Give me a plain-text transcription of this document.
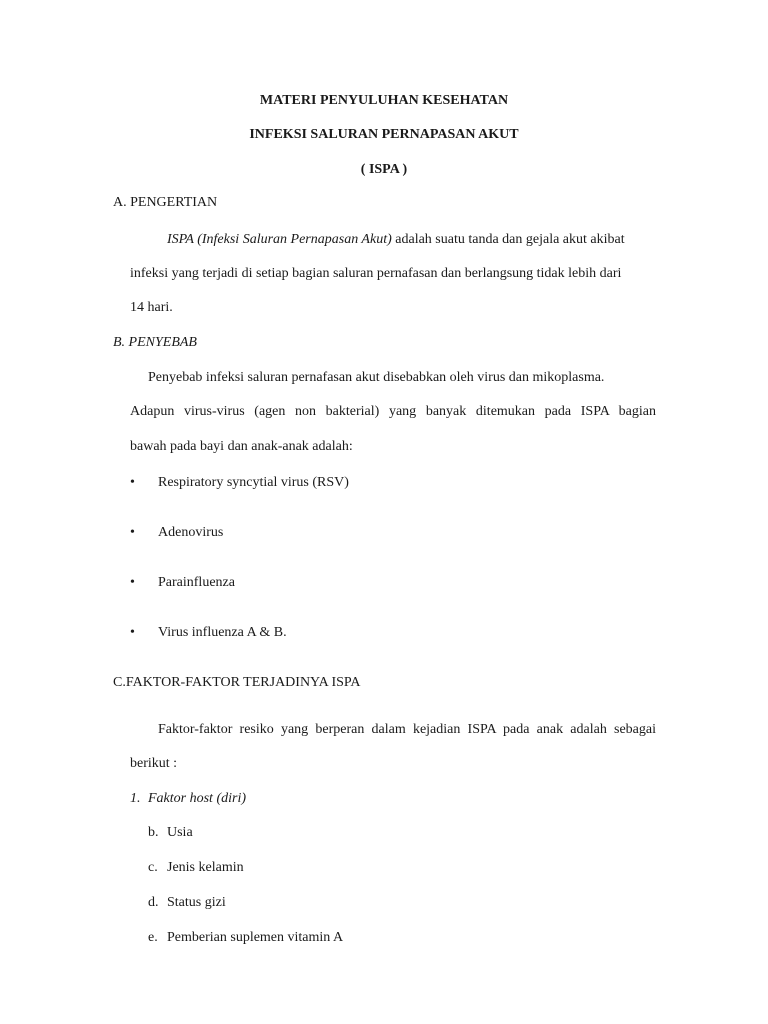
MATERI PENYULUHAN KESEHATAN
INFEKSI SALURAN PERNAPASAN AKUT
( ISPA )
A. PENGERTIAN
ISPA (Infeksi Saluran Pernapasan Akut) adalah suatu tanda dan gejala akut akibat
infeksi yang terjadi di setiap bagian saluran pernafasan dan berlangsung tidak lebih dari
14 hari.
B. PENYEBAB
Penyebab infeksi saluran pernafasan akut disebabkan oleh virus dan mikoplasma.
Adapun virus-virus (agen non bakterial) yang banyak ditemukan pada ISPA bagian
bawah pada bayi dan anak-anak adalah:
• Respiratory syncytial virus (RSV)
• Adenovirus
• Parainfluenza
• Virus influenza A & B.
C.FAKTOR-FAKTOR TERJADINYA ISPA
Faktor-faktor resiko yang berperan dalam kejadian ISPA pada anak adalah sebagai
berikut :
1. Faktor host (diri)
b. Usia
c. Jenis kelamin
d. Status gizi
e. Pemberian suplemen vitamin A
